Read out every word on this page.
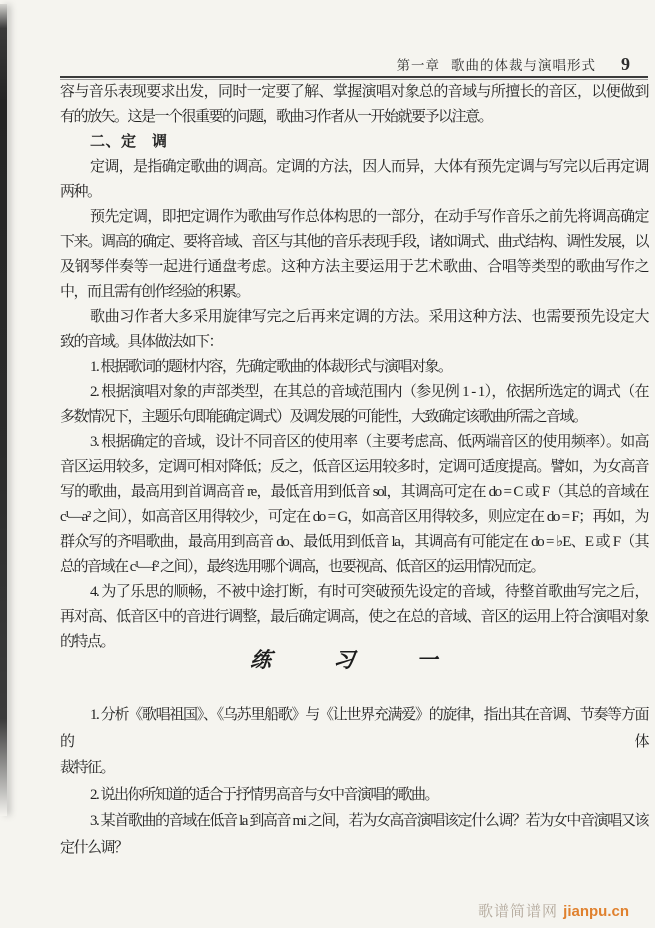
第一章 歌曲的体裁与演唱形式 9
容与音乐表现要求出发，同时一定要了解、掌握演唱对象总的音域与所擅长的音区，以便做到
有的放矢。这是一个很重要的问题，歌曲习作者从一开始就要予以注意。
二、定　调
定调，是指确定歌曲的调高。定调的方法，因人而异，大体有预先定调与写完以后再定调
两种。
预先定调，即把定调作为歌曲写作总体构思的一部分，在动手写作音乐之前先将调高确定
下来。调高的确定、要将音域、音区与其他的音乐表现手段，诸如调式、曲式结构、调性发展，以
及钢琴伴奏等一起进行通盘考虑。这种方法主要运用于艺术歌曲、合唱等类型的歌曲写作之
中，而且需有创作经验的积累。
歌曲习作者大多采用旋律写完之后再来定调的方法。采用这种方法、也需要预先设定大
致的音域。具体做法如下：
1. 根据歌词的题材内容，先确定歌曲的体裁形式与演唱对象。
2. 根据演唱对象的声部类型，在其总的音域范围内（参见例 1 - 1），依据所选定的调式（在
多数情况下，主题乐句即能确定调式）及调发展的可能性，大致确定该歌曲所需之音域。
3. 根据确定的音域，设计不同音区的使用率（主要考虑高、低两端音区的使用频率）。如高
音区运用较多，定调可相对降低；反之，低音区运用较多时，定调可适度提高。譬如，为女高音
写的歌曲，最高用到首调高音 re，最低音用到低音 sol，其调高可定在 do = C 或 F（其总的音域在
c¹—a² 之间），如高音区用得较少，可定在 do = G，如高音区用得较多，则应定在 do = F；再如，为
群众写的齐唱歌曲，最高用到高音 do、最低用到低音 la，其调高有可能定在 do = ♭E、E 或 F（其
总的音域在 c¹—f² 之间），最终选用哪个调高，也要视高、低音区的运用情况而定。
4. 为了乐思的顺畅，不被中途打断，有时可突破预先设定的音域，待整首歌曲写完之后，
再对高、低音区中的音进行调整，最后确定调高，使之在总的音域、音区的运用上符合演唱对象
的特点。
练	习	一
1. 分析《歌唱祖国》、《乌苏里船歌》与《让世界充满爱》的旋律，指出其在音调、节奏等方面的体
裁特征。
2. 说出你所知道的适合于抒情男高音与女中音演唱的歌曲。
3. 某首歌曲的音域在低音 la 到高音 mi 之间，若为女高音演唱该定什么调？若为女中音演唱又该
定什么调？
歌谱简谱网 jianpu.cn
